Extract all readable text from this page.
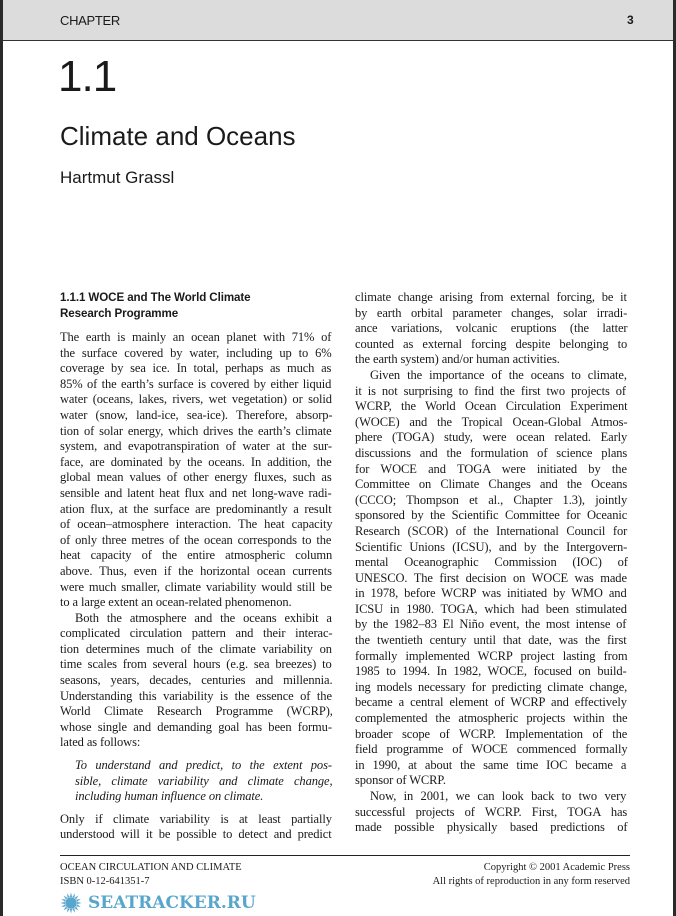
CHAPTER	3
1.1
Climate and Oceans
Hartmut Grassl
1.1.1 WOCE and The World Climate
Research Programme
The earth is mainly an ocean planet with 71% of
the surface covered by water, including up to 6%
coverage by sea ice. In total, perhaps as much as
85% of the earth’s surface is covered by either liquid
water (oceans, lakes, rivers, wet vegetation) or solid
water (snow, land-ice, sea-ice). Therefore, absorp-
tion of solar energy, which drives the earth’s climate
system, and evapotranspiration of water at the sur-
face, are dominated by the oceans. In addition, the
global mean values of other energy fluxes, such as
sensible and latent heat flux and net long-wave radi-
ation flux, at the surface are predominantly a result
of ocean–atmosphere interaction. The heat capacity
of only three metres of the ocean corresponds to the
heat capacity of the entire atmospheric column
above. Thus, even if the horizontal ocean currents
were much smaller, climate variability would still be
to a large extent an ocean-related phenomenon.
Both the atmosphere and the oceans exhibit a
complicated circulation pattern and their interac-
tion determines much of the climate variability on
time scales from several hours (e.g. sea breezes) to
seasons, years, decades, centuries and millennia.
Understanding this variability is the essence of the
World Climate Research Programme (WCRP),
whose single and demanding goal has been formu-
lated as follows:
To understand and predict, to the extent pos-
sible, climate variability and climate change,
including human influence on climate.
Only if climate variability is at least partially
understood will it be possible to detect and predict
climate change arising from external forcing, be it
by earth orbital parameter changes, solar irradi-
ance variations, volcanic eruptions (the latter
counted as external forcing despite belonging to
the earth system) and/or human activities.
Given the importance of the oceans to climate,
it is not surprising to find the first two projects of
WCRP, the World Ocean Circulation Experiment
(WOCE) and the Tropical Ocean-Global Atmos-
phere (TOGA) study, were ocean related. Early
discussions and the formulation of science plans
for WOCE and TOGA were initiated by the
Committee on Climate Changes and the Oceans
(CCCO; Thompson et al., Chapter 1.3), jointly
sponsored by the Scientific Committee for Oceanic
Research (SCOR) of the International Council for
Scientific Unions (ICSU), and by the Intergovern-
mental Oceanographic Commission (IOC) of
UNESCO. The first decision on WOCE was made
in 1978, before WCRP was initiated by WMO and
ICSU in 1980. TOGA, which had been stimulated
by the 1982–83 El Niño event, the most intense of
the twentieth century until that date, was the first
formally implemented WCRP project lasting from
1985 to 1994. In 1982, WOCE, focused on build-
ing models necessary for predicting climate change,
became a central element of WCRP and effectively
complemented the atmospheric projects within the
broader scope of WCRP. Implementation of the
field programme of WOCE commenced formally
in 1990, at about the same time IOC became a
sponsor of WCRP.
Now, in 2001, we can look back to two very
successful projects of WCRP. First, TOGA has
made possible physically based predictions of
OCEAN CIRCULATION AND CLIMATE
ISBN 0-12-641351-7
Copyright © 2001 Academic Press
All rights of reproduction in any form reserved
SEATRACKER.RU
